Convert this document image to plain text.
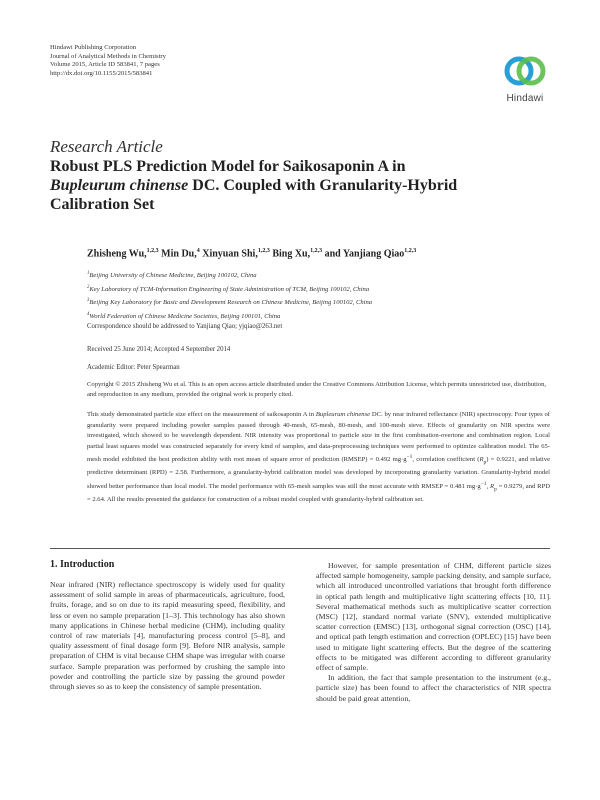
Hindawi Publishing Corporation
Journal of Analytical Methods in Chemistry
Volume 2015, Article ID 583841, 7 pages
http://dx.doi.org/10.1155/2015/583841
Hindawi
Research Article
Robust PLS Prediction Model for Saikosaponin A in
Bupleurum chinense DC. Coupled with Granularity-Hybrid
Calibration Set
Zhisheng Wu,$^{1,2,3}$ Min Du,$^4$ Xinyuan Shi,$^{1,2,3}$ Bing Xu,$^{1,2,3}$ and Yanjiang Qiao$^{1,2,3}$
$^1$Beijing University of Chinese Medicine, Beijing 100102, China
$^2$Key Laboratory of TCM-Information Engineering of State Administration of TCM, Beijing 100102, China
$^3$Beijing Key Laboratory for Basic and Development Research on Chinese Medicine, Beijing 100102, China
$^4$World Federation of Chinese Medicine Societies, Beijing 100101, China
Correspondence should be addressed to Yanjiang Qiao; yjqiao@263.net
Received 25 June 2014; Accepted 4 September 2014
Academic Editor: Peter Spearman
Copyright © 2015 Zhisheng Wu et al. This is an open access article distributed under the Creative Commons Attribution License, which permits unrestricted use, distribution, and reproduction in any medium, provided the original work is properly cited.
This study demonstrated particle size effect on the measurement of saikosaponin A in Bupleurum chinense DC. by near infrared reflectance (NIR) spectroscopy. Four types of granularity were prepared including powder samples passed through 40-mesh, 65-mesh, 80-mesh, and 100-mesh sieve. Effects of granularity on NIR spectra were investigated, which showed to be wavelength dependent. NIR intensity was proportional to particle size in the first combination-overtone and combination region. Local partial least squares model was constructed separately for every kind of samples, and data-preprocessing techniques were performed to optimize calibration model. The 65-mesh model exhibited the best prediction ability with root mean of square error of prediction (RMSEP) = 0.492 $mg\cdot g^{-1}$, correlation coefficient $(R_p) = 0.9221$, and relative predictive determinant (RPD) = 2.58. Furthermore, a granularity-hybrid calibration model was developed by incorporating granularity variation. Granularity-hybrid model showed better performance than local model. The model performance with 65-mesh samples was still the most accurate with RMSEP = 0.481 $mg\cdot g^{-1}$, $R_p = 0.9279$, and RPD = 2.64. All the results presented the guidance for construction of a robust model coupled with granularity-hybrid calibration set.
1. Introduction

Near infrared (NIR) reflectance spectroscopy is widely used for quality assessment of solid sample in areas of pharmaceuticals, agriculture, food, fruits, forage, and so on due to its rapid measuring speed, flexibility, and less or even no sample preparation [1–3]. This technology has also shown many applications in Chinese herbal medicine (CHM), including quality control of raw materials [4], manufacturing process control [5–8], and quality assessment of final dosage form [9]. Before NIR analysis, sample preparation of CHM is vital because CHM shape was irregular with coarse surface. Sample preparation was performed by crushing the sample into powder and controlling the particle size by passing the ground powder through sieves so as to keep the consistency of sample presentation.

However, for sample presentation of CHM, different particle sizes affected sample homogeneity, sample packing density, and sample surface, which all introduced uncontrolled variations that brought forth difference in optical path length and multiplicative light scattering effects [10, 11]. Several mathematical methods such as multiplicative scatter correction (MSC) [12], standard normal variate (SNV), extended multiplicative scatter correction (EMSC) [13], orthogonal signal correction (OSC) [14], and optical path length estimation and correction (OPLEC) [15] have been used to mitigate light scattering effects. But the degree of the scattering effects to be mitigated was different according to different granularity effect of sample.

In addition, the fact that sample presentation to the instrument (e.g., particle size) has been found to affect the characteristics of NIR spectra should be paid great attention,
